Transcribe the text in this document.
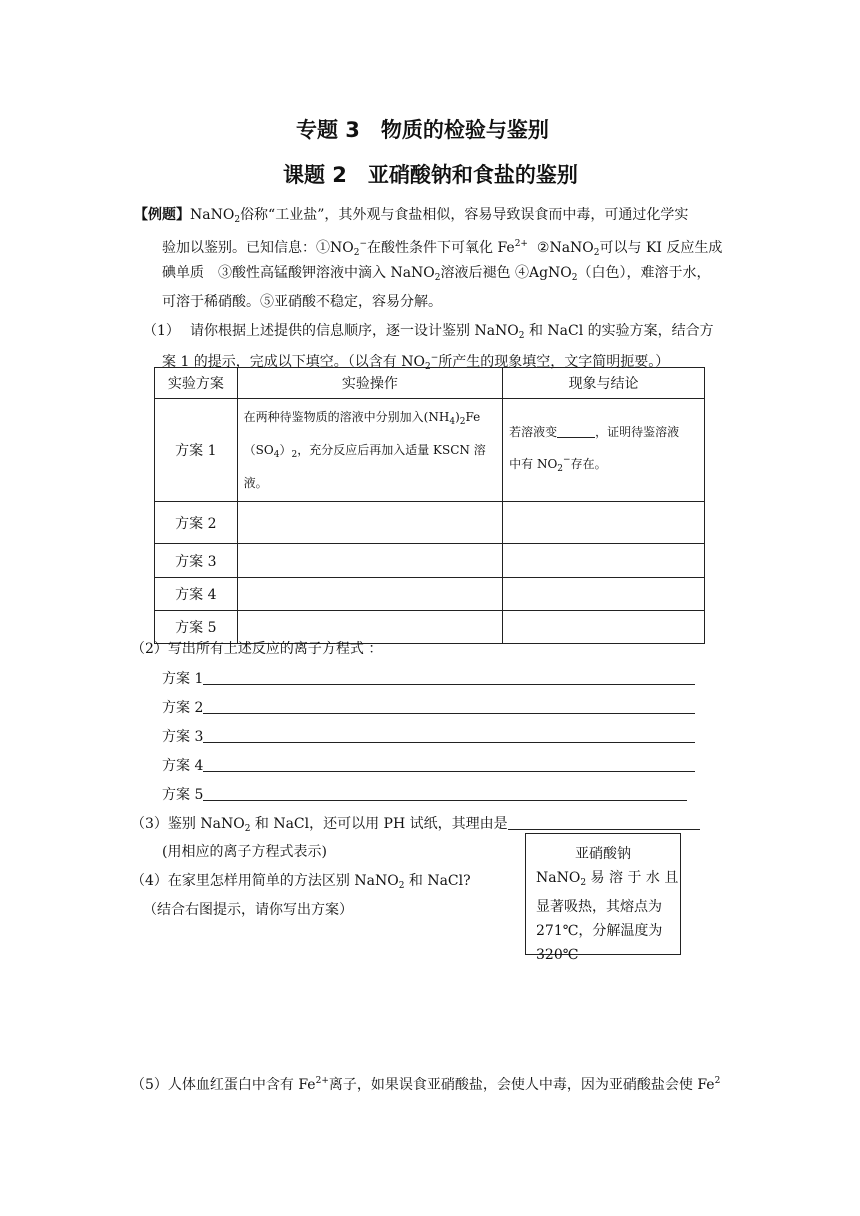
专题 3　物质的检验与鉴别
课题 2　亚硝酸钠和食盐的鉴别
【例题】NaNO$_2$俗称“工业盐”，其外观与食盐相似，容易导致误食而中毒，可通过化学实
验加以鉴别。已知信息：$①NO_2^-$在酸性条件下可氧化 $Fe^{2+}$ ②NaNO$_2$可以与 KI 反应生成
碘单质　③酸性高锰酸钾溶液中滴入 NaNO$_2$溶液后褪色 ④AgNO$_2$（白色），难溶于水，
可溶于稀硝酸。⑤亚硝酸不稳定，容易分解。
（1） 请你根据上述提供的信息顺序，逐一设计鉴别 NaNO$_2$ 和 NaCl 的实验方案，结合方
案 1 的提示，完成以下填空。（以含有 $NO_2^-$所产生的现象填空，文字简明扼要。）
实验方案	实验操作	现象与结论
方案 1	在两种待鉴物质的溶液中分别加入$(NH_4)_2Fe$
$(SO_4)_2$，充分反应后再加入适量 KSCN 溶
液。	若溶液变 ，证明待鉴溶液
中有 $NO_2^-$存在。
方案 2		
方案 3		
方案 4		
方案 5		
（2）写出所有上述反应的离子方程式 ：
方案 1
方案 2
方案 3
方案 4
方案 5
（3）鉴别 NaNO$_2$ 和 NaCl，还可以用 PH 试纸，其理由是
(用相应的离子方程式表示)
（4）在家里怎样用简单的方法区别 NaNO$_2$ 和 NaCl?
（结合右图提示，请你写出方案）
亚硝酸钠
NaNO$_2$ 易 溶 于 水 且
显著吸热，其熔点为
271℃，分解温度为
320℃
（5）人体血红蛋白中含有 $Fe^{2+}$离子，如果误食亚硝酸盐，会使人中毒，因为亚硝酸盐会使 Fe$^2$
